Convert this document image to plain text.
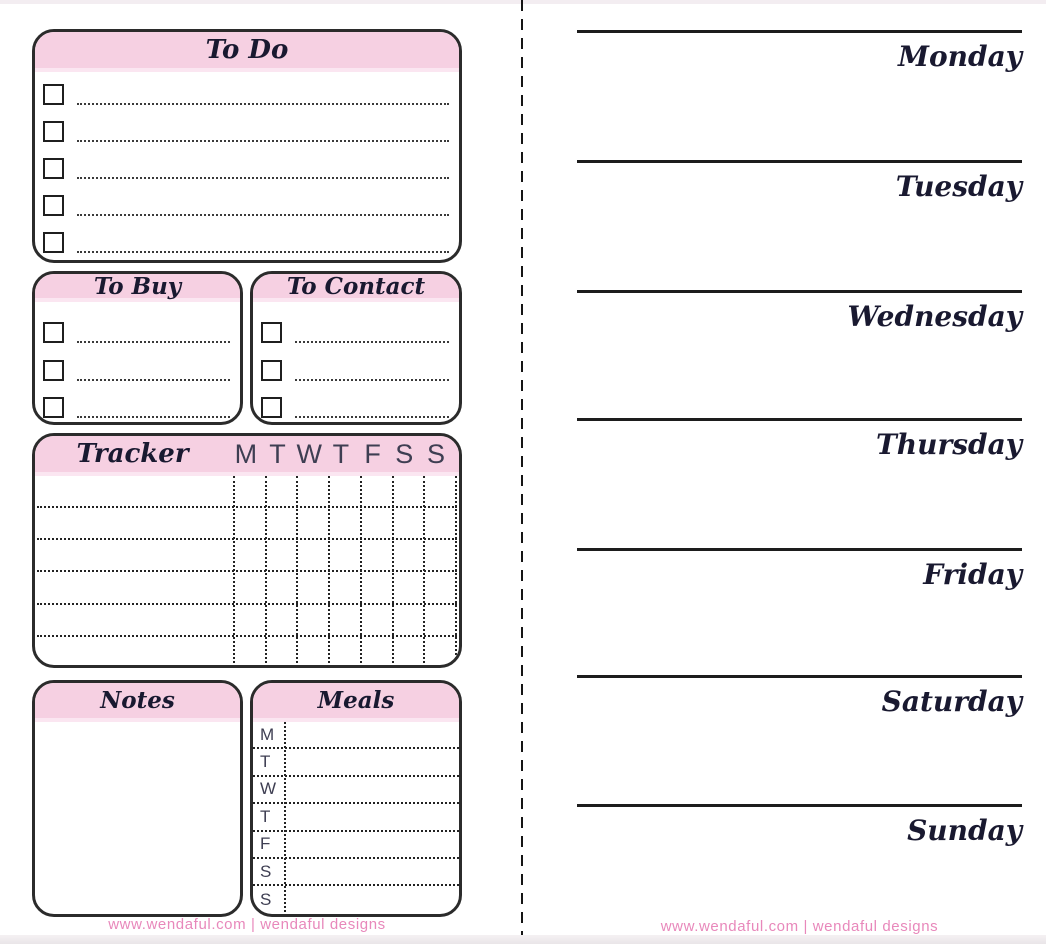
To Do
To Buy	To Contact
Tracker	M T W T F S S
Notes	Meals
M
T
W
T
F
S
S
www.wendaful.com | wendaful designs
Monday
Tuesday
Wednesday
Thursday
Friday
Saturday
Sunday
www.wendaful.com | wendaful designs
